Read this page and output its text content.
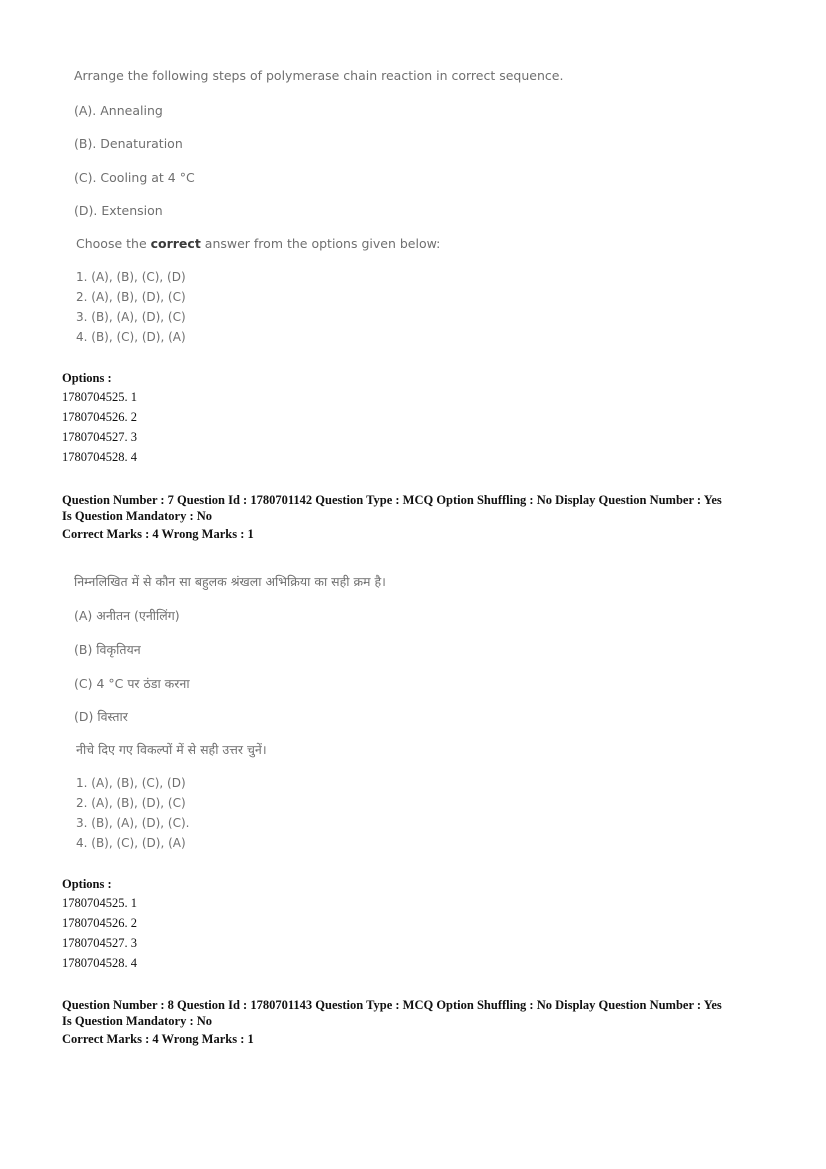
Arrange the following steps of polymerase chain reaction in correct sequence.
(A). Annealing
(B). Denaturation
(C). Cooling at 4 °C
(D). Extension
Choose the correct answer from the options given below:
1. (A), (B), (C), (D)
2. (A), (B), (D), (C)
3. (B), (A), (D), (C)
4. (B), (C), (D), (A)
Options :
1780704525. 1
1780704526. 2
1780704527. 3
1780704528. 4
Question Number : 7 Question Id : 1780701142 Question Type : MCQ Option Shuffling : No Display Question Number : Yes
Is Question Mandatory : No
Correct Marks : 4 Wrong Marks : 1
निम्नलिखित में से कौन सा बहुलक श्रंखला अभिक्रिया का सही क्रम है।
(A) अनीतन (एनीलिंग)
(B) विकृतियन
(C) 4 °C पर ठंडा करना
(D) विस्तार
नीचे दिए गए विकल्पों में से सही उत्तर चुनें।
1. (A), (B), (C), (D)
2. (A), (B), (D), (C)
3. (B), (A), (D), (C).
4. (B), (C), (D), (A)
Options :
1780704525. 1
1780704526. 2
1780704527. 3
1780704528. 4
Question Number : 8 Question Id : 1780701143 Question Type : MCQ Option Shuffling : No Display Question Number : Yes
Is Question Mandatory : No
Correct Marks : 4 Wrong Marks : 1
